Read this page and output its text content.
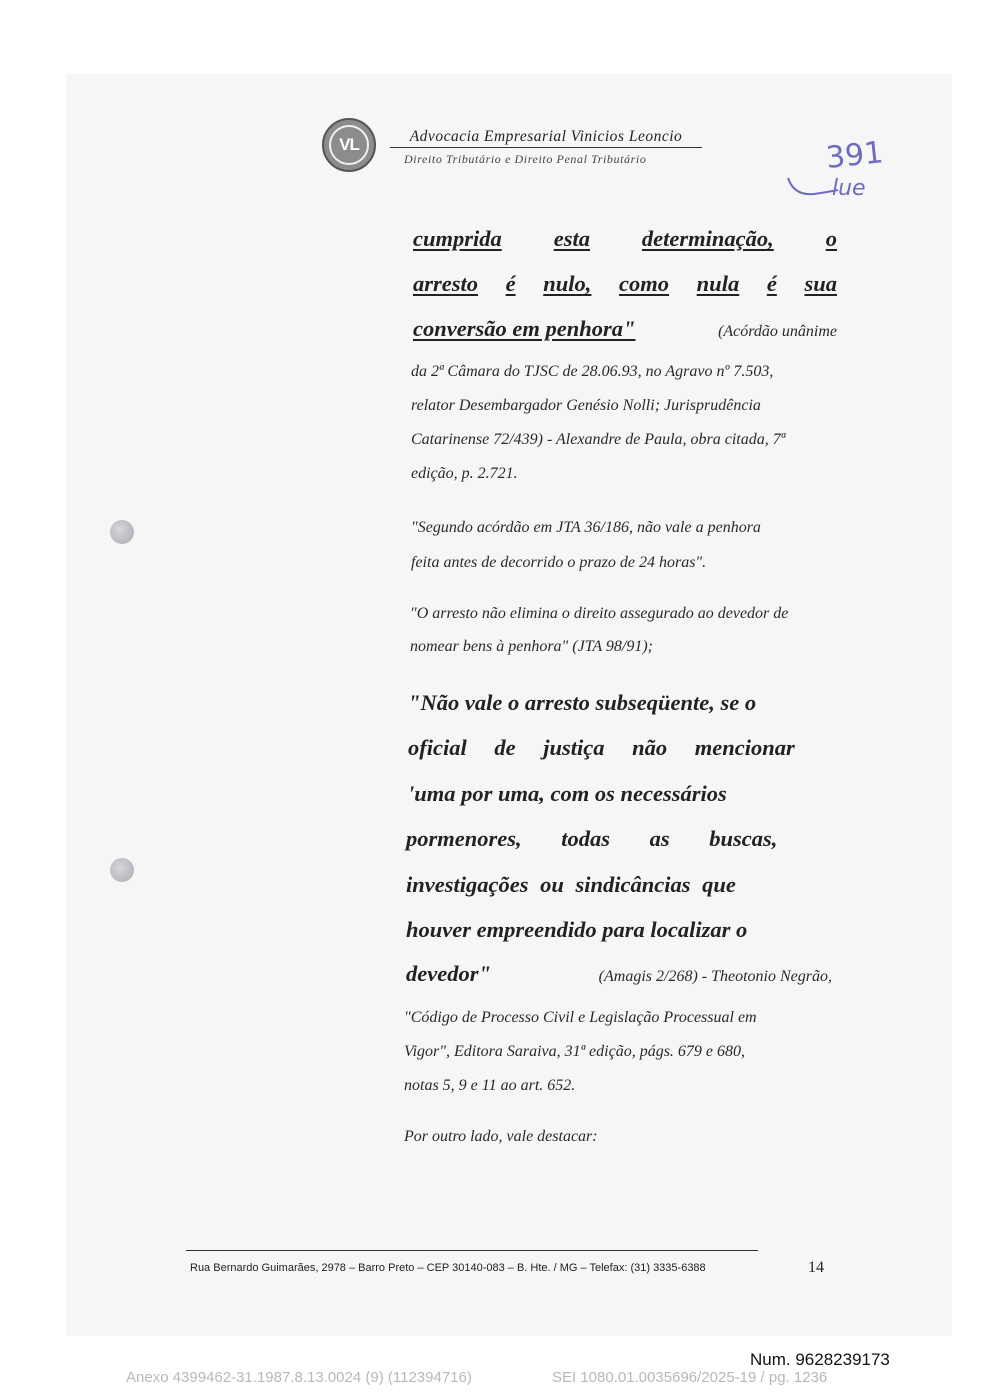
VL	Advocacia Empresarial Vinicios Leoncio
Direito Tributário e Direito Penal Tributário	391
lue
cumprida esta determinação, o
arresto é nulo, como nula é sua
conversão em penhora"	(Acórdão unânime
da 2ª Câmara do TJSC de 28.06.93, no Agravo nº 7.503,
relator Desembargador Genésio Nolli; Jurisprudência
Catarinense 72/439) - Alexandre de Paula, obra citada, 7ª
edição, p. 2.721.
"Segundo acórdão em JTA 36/186, não vale a penhora
feita antes de decorrido o prazo de 24 horas".
"O arresto não elimina o direito assegurado ao devedor de
nomear bens à penhora" (JTA 98/91);
"Não vale o arresto subseqüente, se o
oficial de justiça não mencionar
'uma por uma, com os necessários
pormenores, todas as buscas,
investigações ou sindicâncias que
houver empreendido para localizar o
devedor"	(Amagis 2/268) - Theotonio Negrão,
"Código de Processo Civil e Legislação Processual em
Vigor", Editora Saraiva, 31ª edição, págs. 679 e 680,
notas 5, 9 e 11 ao art. 652.
Por outro lado, vale destacar:
Rua Bernardo Guimarães, 2978 – Barro Preto – CEP 30140-083 – B. Hte. / MG – Telefax: (31) 3335-6388	14
Num. 9628239173
Anexo 4399462-31.1987.8.13.0024 (9) (112394716)	SEI 1080.01.0035696/2025-19 / pg. 1236
